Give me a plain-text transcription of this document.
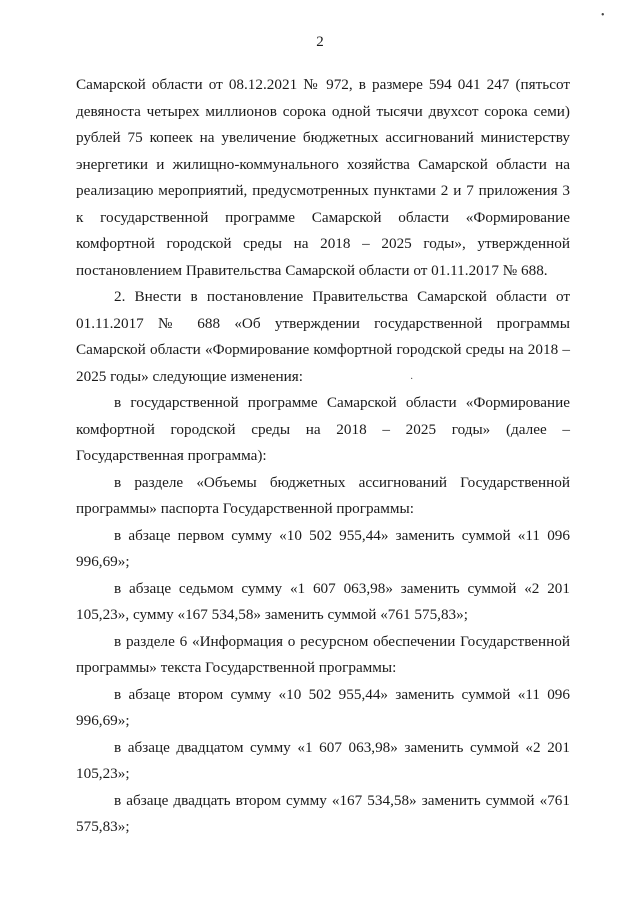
2

Самарской области от 08.12.2021 № 972, в размере 594 041 247 (пятьсот девяноста четырех миллионов сорока одной тысячи двухсот сорока семи) рублей 75 копеек на увеличение бюджетных ассигнований министерству энергетики и жилищно-коммунального хозяйства Самарской области на реализацию мероприятий, предусмотренных пунктами 2 и 7 приложения 3 к государственной программе Самарской области «Формирование комфортной городской среды на 2018 – 2025 годы», утвержденной постановлением Правительства Самарской области от 01.11.2017 № 688.

2. Внести в постановление Правительства Самарской области от 01.11.2017 № 688 «Об утверждении государственной программы Самарской области «Формирование комфортной городской среды на 2018 – 2025 годы» следующие изменения:

в государственной программе Самарской области «Формирование комфортной городской среды на 2018 – 2025 годы» (далее – Государственная программа):

в разделе «Объемы бюджетных ассигнований Государственной программы» паспорта Государственной программы:

в абзаце первом сумму «10 502 955,44» заменить суммой «11 096 996,69»;

в абзаце седьмом сумму «1 607 063,98» заменить суммой «2 201 105,23», сумму «167 534,58» заменить суммой «761 575,83»;

в разделе 6 «Информация о ресурсном обеспечении Государственной программы» текста Государственной программы:

в абзаце втором сумму «10 502 955,44» заменить суммой «11 096 996,69»;

в абзаце двадцатом сумму «1 607 063,98» заменить суммой «2 201 105,23»;

в абзаце двадцать втором сумму «167 534,58» заменить суммой «761 575,83»;

•
·
